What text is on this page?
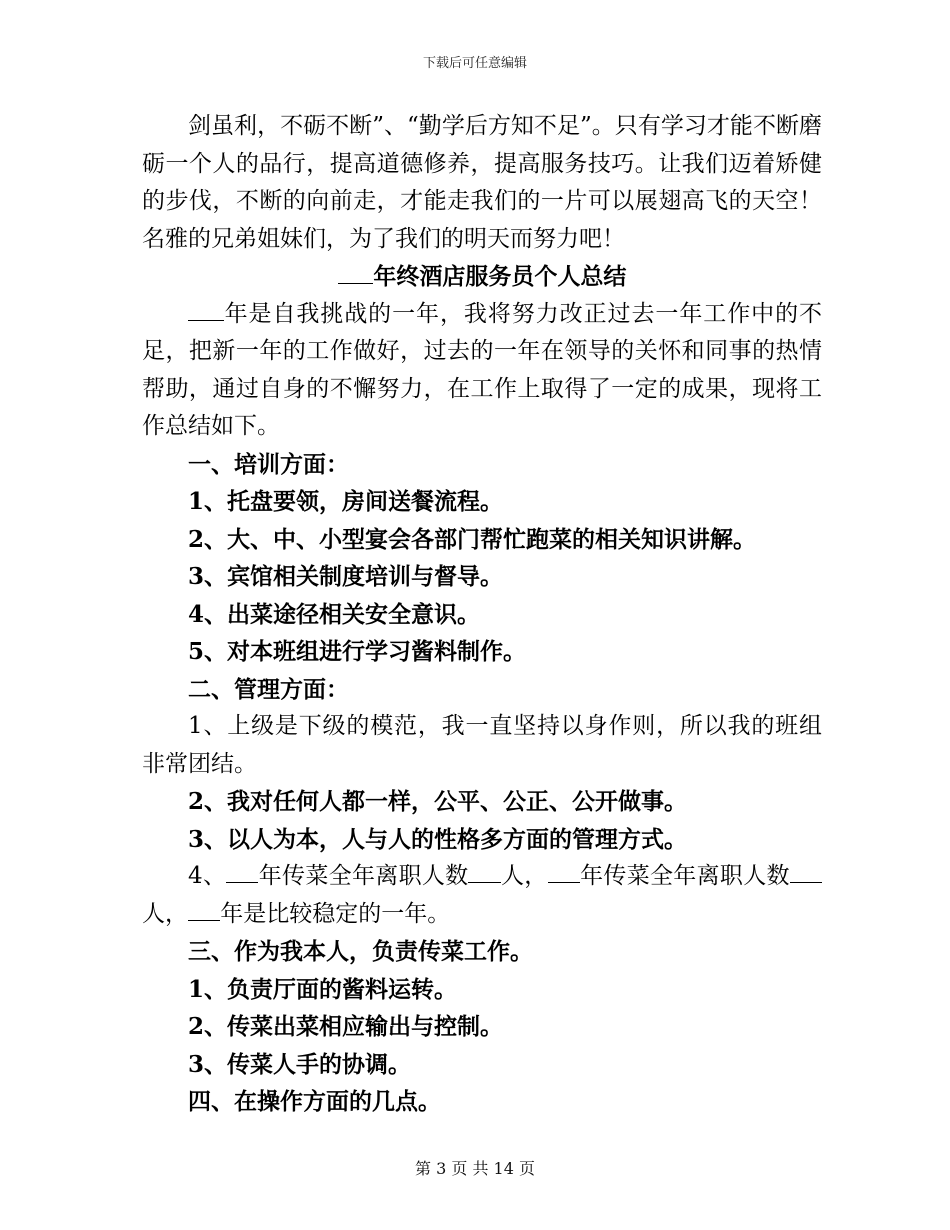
下载后可任意编辑

剑虽利，不砺不断”、“勤学后方知不足”。只有学习才能不断磨砺一个人的品行，提高道德修养，提高服务技巧。让我们迈着矫健的步伐，不断的向前走，才能走我们的一片可以展翅高飞的天空！名雅的兄弟姐妹们，为了我们的明天而努力吧！

年终酒店服务员个人总结

年是自我挑战的一年，我将努力改正过去一年工作中的不足，把新一年的工作做好，过去的一年在领导的关怀和同事的热情帮助，通过自身的不懈努力，在工作上取得了一定的成果，现将工作总结如下。

一、培训方面：

1、托盘要领，房间送餐流程。

2、大、中、小型宴会各部门帮忙跑菜的相关知识讲解。

3、宾馆相关制度培训与督导。

4、出菜途径相关安全意识。

5、对本班组进行学习酱料制作。

二、管理方面：

1、上级是下级的模范，我一直坚持以身作则，所以我的班组非常团结。

2、我对任何人都一样，公平、公正、公开做事。

3、以人为本，人与人的性格多方面的管理方式。

4、 年传菜全年离职人数 人， 年传菜全年离职人数人， 年是比较稳定的一年。

三、作为我本人，负责传菜工作。

1、负责厅面的酱料运转。

2、传菜出菜相应输出与控制。

3、传菜人手的协调。

四、在操作方面的几点。

第 3 页 共 14 页
